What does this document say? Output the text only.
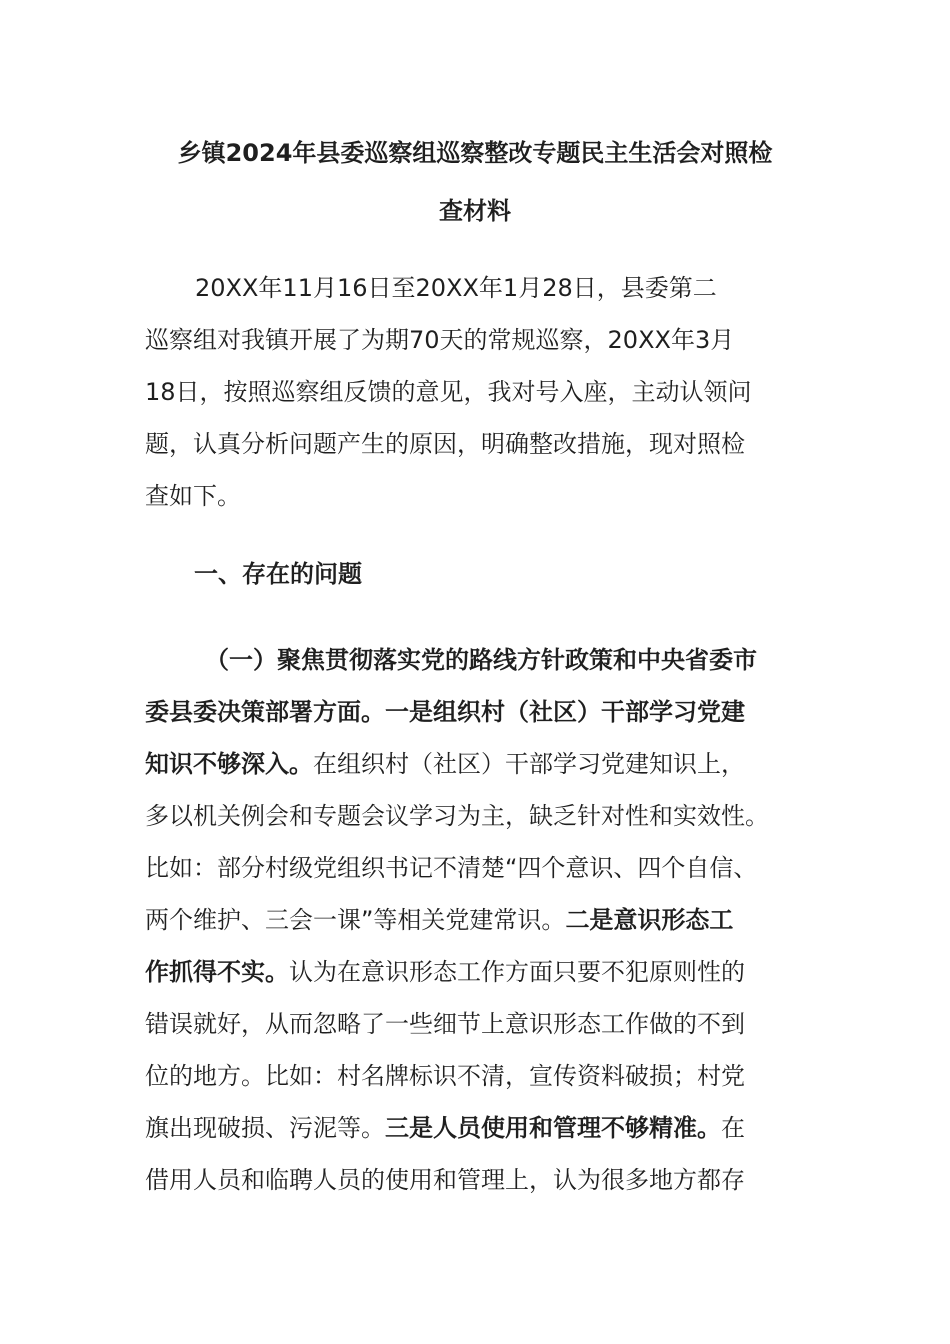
乡镇2024年县委巡察组巡察整改专题民主生活会对照检
查材料
20XX年11月16日至20XX年1月28日，县委第二
巡察组对我镇开展了为期70天的常规巡察，20XX年3月
18日，按照巡察组反馈的意见，我对号入座，主动认领问
题，认真分析问题产生的原因，明确整改措施，现对照检
查如下。
一、存在的问题
（一）聚焦贯彻落实党的路线方针政策和中央省委市
委县委决策部署方面。一是组织村（社区）干部学习党建
知识不够深入。在组织村（社区）干部学习党建知识上，
多以机关例会和专题会议学习为主，缺乏针对性和实效性。
比如：部分村级党组织书记不清楚“四个意识、四个自信、
两个维护、三会一课”等相关党建常识。二是意识形态工
作抓得不实。认为在意识形态工作方面只要不犯原则性的
错误就好，从而忽略了一些细节上意识形态工作做的不到
位的地方。比如：村名牌标识不清，宣传资料破损；村党
旗出现破损、污泥等。三是人员使用和管理不够精准。在
借用人员和临聘人员的使用和管理上，认为很多地方都存
